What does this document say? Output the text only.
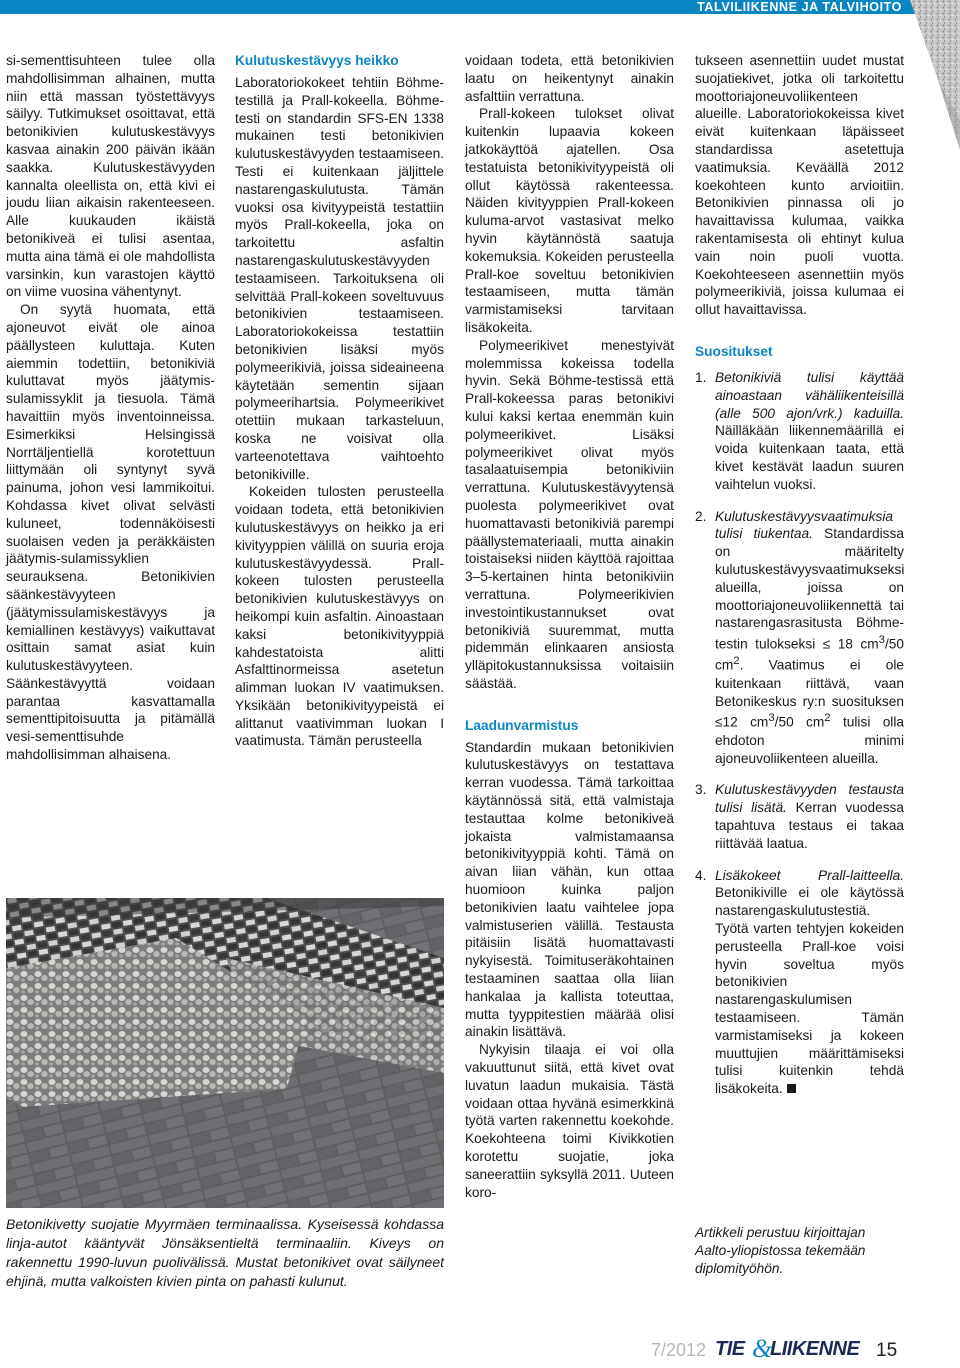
TALVILIIKENNE JA TALVIHOITO

si-sementtisuhteen tulee olla mahdollisimman alhainen, mutta niin että massan työstettävyys säilyy. Tutkimukset osoittavat, että betonikivien kulutuskestävyys kasvaa ainakin 200 päivän ikään saakka. Kulutuskestävyyden kannalta oleellista on, että kivi ei joudu liian aikaisin rakenteeseen. Alle kuukauden ikäistä betonikiveä ei tulisi asentaa, mutta aina tämä ei ole mahdollista varsinkin, kun varastojen käyttö on viime vuosina vähentynyt.

On syytä huomata, että ajoneuvot eivät ole ainoa päällysteen kuluttaja. Kuten aiemmin todettiin, betonikiviä kuluttavat myös jäätymis-sulamissyklit ja tiesuola. Tämä havaittiin myös inventoinneissa. Esimerkiksi Helsingissä Norrtäljentiellä korotettuun liittymään oli syntynyt syvä painuma, johon vesi lammikoitui. Kohdassa kivet olivat selvästi kuluneet, todennäköisesti suolaisen veden ja peräkkäisten jäätymis-sulamissyklien seurauksena. Betonikivien säänkestävyyteen (jäätymissulamiskestävyys ja kemiallinen kestävyys) vaikuttavat osittain samat asiat kuin kulutuskestävyyteen. Säänkestävyyttä voidaan parantaa kasvattamalla sementtipitoisuutta ja pitämällä vesi-sementtisuhde mahdollisimman alhaisena.

Kulutuskestävyys heikko

Laboratoriokokeet tehtiin Böhme-testillä ja Prall-kokeella. Böhme-testi on standardin SFS-EN 1338 mukainen testi betonikivien kulutuskestävyyden testaamiseen. Testi ei kuitenkaan jäljittele nastarengaskulutusta. Tämän vuoksi osa kivityypeistä testattiin myös Prall-kokeella, joka on tarkoitettu asfaltin nastarengaskulutuskestävyyden testaamiseen. Tarkoituksena oli selvittää Prall-kokeen soveltuvuus betonikivien testaamiseen. Laboratoriokokeissa testattiin betonikivien lisäksi myös polymeerikiviä, joissa sideaineena käytetään sementin sijaan polymeerihartsia. Polymeerikivet otettiin mukaan tarkasteluun, koska ne voisivat olla varteenotettava vaihtoehto betonikiville.

Kokeiden tulosten perusteella voidaan todeta, että betonikivien kulutuskestävyys on heikko ja eri kivityyppien välillä on suuria eroja kulutuskestävyydessä. Prall-kokeen tulosten perusteella betonikivien kulutuskestävyys on heikompi kuin asfaltin. Ainoastaan kaksi betonikivityyppiä kahdestatoista alitti Asfalttinormeissa asetetun alimman luokan IV vaatimuksen. Yksikään betonikivityypeistä ei alittanut vaativimman luokan I vaatimusta. Tämän perusteella

voidaan todeta, että betonikivien laatu on heikentynyt ainakin asfalttiin verrattuna.

Prall-kokeen tulokset olivat kuitenkin lupaavia kokeen jatkokäyttöä ajatellen. Osa testatuista betonikivityypeistä oli ollut käytössä rakenteessa. Näiden kivityyppien Prall-kokeen kuluma-arvot vastasivat melko hyvin käytännöstä saatuja kokemuksia. Kokeiden perusteella Prall-koe soveltuu betonikivien testaamiseen, mutta tämän varmistamiseksi tarvitaan lisäkokeita.

Polymeerikivet menestyivät molemmissa kokeissa todella hyvin. Sekä Böhme-testissä että Prall-kokeessa paras betonikivi kului kaksi kertaa enemmän kuin polymeerikivet. Lisäksi polymeerikivet olivat myös tasalaatuisempia betonikiviin verrattuna. Kulutuskestävyytensä puolesta polymeerikivet ovat huomattavasti betonikiviä parempi päällystemateriaali, mutta ainakin toistaiseksi niiden käyttöä rajoittaa 3–5-kertainen hinta betonikiviin verrattuna. Polymeerikivien investointikustannukset ovat betonikiviä suuremmat, mutta pidemmän elinkaaren ansiosta ylläpitokustannuksissa voitaisiin säästää.

Laadunvarmistus

Standardin mukaan betonikivien kulutuskestävyys on testattava kerran vuodessa. Tämä tarkoittaa käytännössä sitä, että valmistaja testauttaa kolme betonikiveä jokaista valmistamaansa betonikivityyppiä kohti. Tämä on aivan liian vähän, kun ottaa huomioon kuinka paljon betonikivien laatu vaihtelee jopa valmistuserien välillä. Testausta pitäisiin lisätä huomattavasti nykyisestä. Toimituseräkohtainen testaaminen saattaa olla liian hankalaa ja kallista toteuttaa, mutta tyyppitestien määrää olisi ainakin lisättävä.

Nykyisin tilaaja ei voi olla vakuuttunut siitä, että kivet ovat luvatun laadun mukaisia. Tästä voidaan ottaa hyvänä esimerkkinä työtä varten rakennettu koekohde. Koekohteena toimi Kivikkotien korotettu suojatie, joka saneerattiin syksyllä 2011. Uuteen koro-

tukseen asennettiin uudet mustat suojatiekivet, jotka oli tarkoitettu moottoriajoneuvoliikenteen alueille. Laboratoriokokeissa kivet eivät kuitenkaan läpäisseet standardissa asetettuja vaatimuksia. Keväällä 2012 koekohteen kunto arvioitiin. Betonikivien pinnassa oli jo havaittavissa kulumaa, vaikka rakentamisesta oli ehtinyt kulua vain noin puoli vuotta. Koekohteeseen asennettiin myös polymeerikiviä, joissa kulumaa ei ollut havaittavissa.

Suositukset
1. Betonikiviä tulisi käyttää ainoastaan vähäliikenteisillä (alle 500 ajon/vrk.) kaduilla. Näilläkään liikennemäärillä ei voida kuitenkaan taata, että kivet kestävät laadun suuren vaihtelun vuoksi.
2. Kulutuskestävyysvaatimuksia tulisi tiukentaa. Standardissa on määritelty kulutuskestävyysvaatimukseksi alueilla, joissa on moottoriajoneuvoliikennettä tai nastarengasrasitusta Böhme-testin tulokseksi ≤ 18 $cm^3/50$ $cm^2$. Vaatimus ei ole kuitenkaan riittävä, vaan Betonikeskus ry:n suosituksen ≤12 $cm^3/50$ $cm^2$ tulisi olla ehdoton minimi ajoneuvoliikenteen alueilla.
3. Kulutuskestävyyden testausta tulisi lisätä. Kerran vuodessa tapahtuva testaus ei takaa riittävää laatua.
4. Lisäkokeet Prall-laitteella. Betonikiville ei ole käytössä nastarengaskulutustestiä. Työtä varten tehtyjen kokeiden perusteella Prall-koe voisi hyvin soveltua myös betonikivien nastarengaskulumisen testaamiseen. Tämän varmistamiseksi ja kokeen muuttujien määrittämiseksi tulisi kuitenkin tehdä lisäkokeita.
Artikkeli perustuu kirjoittajan Aalto-yliopistossa tekemään diplomityöhön.
Betonikivetty suojatie Myyrmäen terminaalissa. Kyseisessä kohdassa linja-autot kääntyvät Jönsäksentieltä terminaaliin. Kiveys on rakennettu 1990-luvun puolivälissä. Mustat betonikivet ovat säilyneet ehjinä, mutta valkoisten kivien pinta on pahasti kulunut.
7/2012 TIE &
LIIKENNE 15
